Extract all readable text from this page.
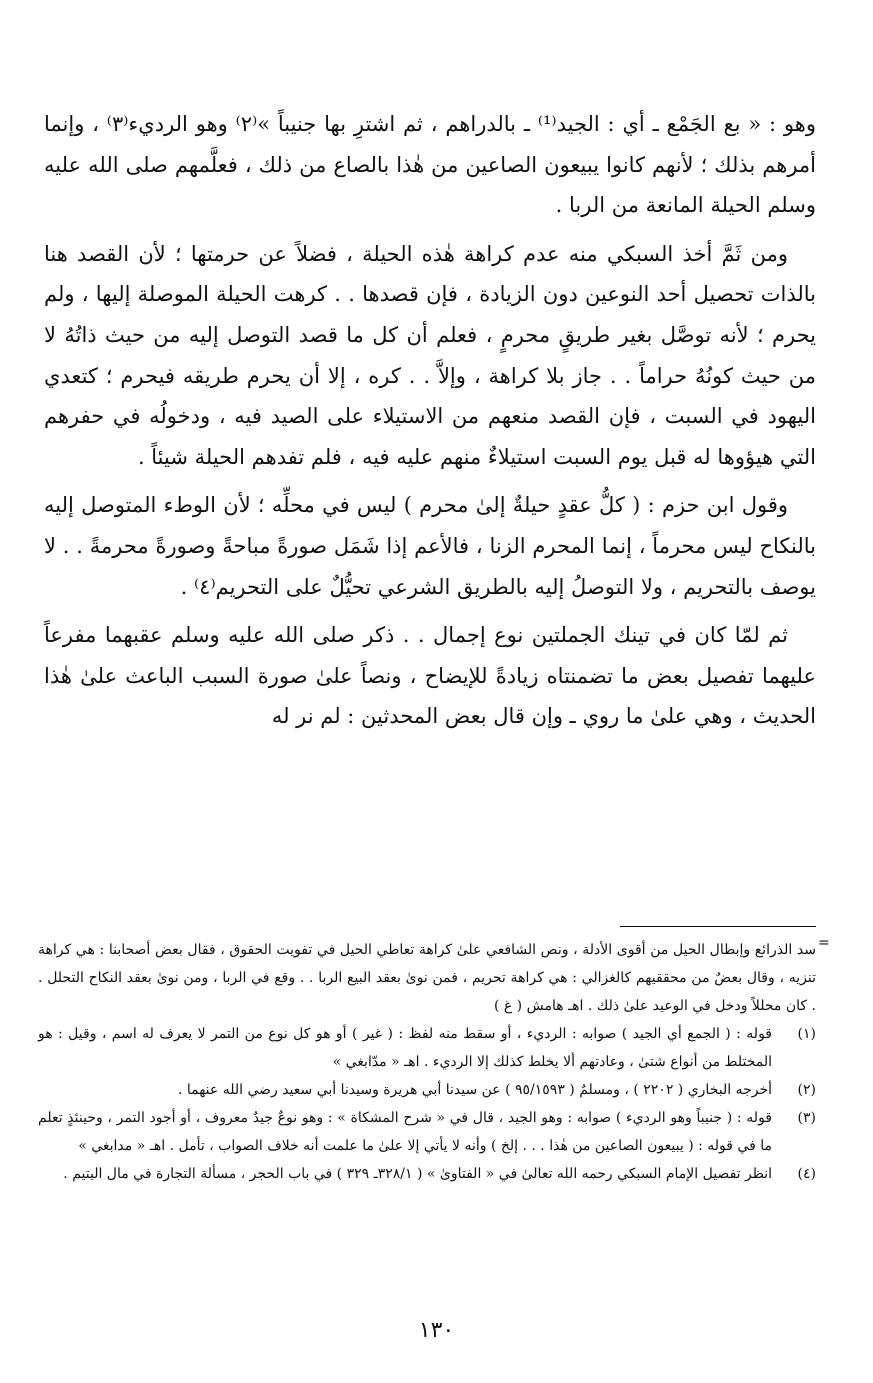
وهو : « بع الجَمْع ـ أي : الجيد⁽¹⁾ ـ بالدراهم ، ثم اشترِ بها جنيباً »⁽٢⁾ وهو الرديء⁽٣⁾ ، وإنما أمرهم بذلك ؛ لأنهم كانوا يبيعون الصاعين من هٰذا بالصاع من ذلك ، فعلَّمهم صلى الله عليه وسلم الحيلة المانعة من الربا .

ومن ثَمَّ أخذ السبكي منه عدم كراهة هٰذه الحيلة ، فضلاً عن حرمتها ؛ لأن القصد هنا بالذات تحصيل أحد النوعين دون الزيادة ، فإن قصدها . . كرهت الحيلة الموصلة إليها ، ولم يحرم ؛ لأنه توصَّل بغير طريقٍ محرمٍ ، فعلم أن كل ما قصد التوصل إليه من حيث ذاتُهُ لا من حيث كونُهُ حراماً . . جاز بلا كراهة ، وإلاَّ . . كره ، إلا أن يحرم طريقه فيحرم ؛ كتعدي اليهود في السبت ، فإن القصد منعهم من الاستيلاء على الصيد فيه ، ودخولُه في حفرهم التي هيؤوها له قبل يوم السبت استيلاءٌ منهم عليه فيه ، فلم تفدهم الحيلة شيئاً .

وقول ابن حزم : ( كلُّ عقدٍ حيلةٌ إلىٰ محرم ) ليس في محلِّه ؛ لأن الوطء المتوصل إليه بالنكاح ليس محرماً ، إنما المحرم الزنا ، فالأعم إذا شَمَل صورةً مباحةً وصورةً محرمةً . . لا يوصف بالتحريم ، ولا التوصلُ إليه بالطريق الشرعي تحيُّلٌ على التحريم⁽٤⁾ .

ثم لمّا كان في تينك الجملتين نوع إجمال . . ذكر صلى الله عليه وسلم عقبهما مفرعاً عليهما تفصيل بعض ما تضمنتاه زيادةً للإيضاح ، ونصاً علىٰ صورة السبب الباعث علىٰ هٰذا الحديث ، وهي علىٰ ما روي ـ وإن قال بعض المحدثين : لم نر له

=
سد الذرائع وإبطال الحيل من أقوى الأدلة ، ونص الشافعي علىٰ كراهة تعاطي الحيل في تفويت الحقوق ، فقال بعض أصحابنا : هي كراهة تنزيه ، وقال بعضٌ من محققيهم كالغزالي : هي كراهة تحريم ، فمن نوىٰ بعقد البيع الربا . . وقع في الربا ، ومن نوىٰ بعقد النكاح التحلل . . كان محللاً ودخل في الوعيد علىٰ ذلك . اهـ هامش ( غ )
(١)
قوله : ( الجمع أي الجيد ) صوابه : الرديء ، أو سقط منه لفظ : ( غير ) أو هو كل نوع من التمر لا يعرف له اسم ، وقيل : هو المختلط من أنواع شتىٰ ، وعادتهم ألا يخلط كذلك إلا الرديء . اهـ « مدّابغي »
(٢)
أخرجه البخاري ( ٢٢٠٢ ) ، ومسلمٌ ( ٩٥/١٥٩٣ ) عن سيدنا أبي هريرة وسيدنا أبي سعيد رضي الله عنهما .
(٣)
قوله : ( جنيباً وهو الرديء ) صوابه : وهو الجيد ، قال في « شرح المشكاة » : وهو نوعٌ جيدٌ معروف ، أو أجود التمر ، وحينئذٍ تعلم ما في قوله : ( يبيعون الصاعين من هٰذا . . . إلخ ) وأنه لا يأتي إلا علىٰ ما علمت أنه خلاف الصواب ، تأمل . اهـ « مدابغي »
(٤)
انظر تفصيل الإمام السبكي رحمه الله تعالىٰ في « الفتاوىٰ » ( ٣٢٨/١ـ ٣٢٩ ) في باب الحجر ، مسألة التجارة في مال اليتيم .
١٣٠
